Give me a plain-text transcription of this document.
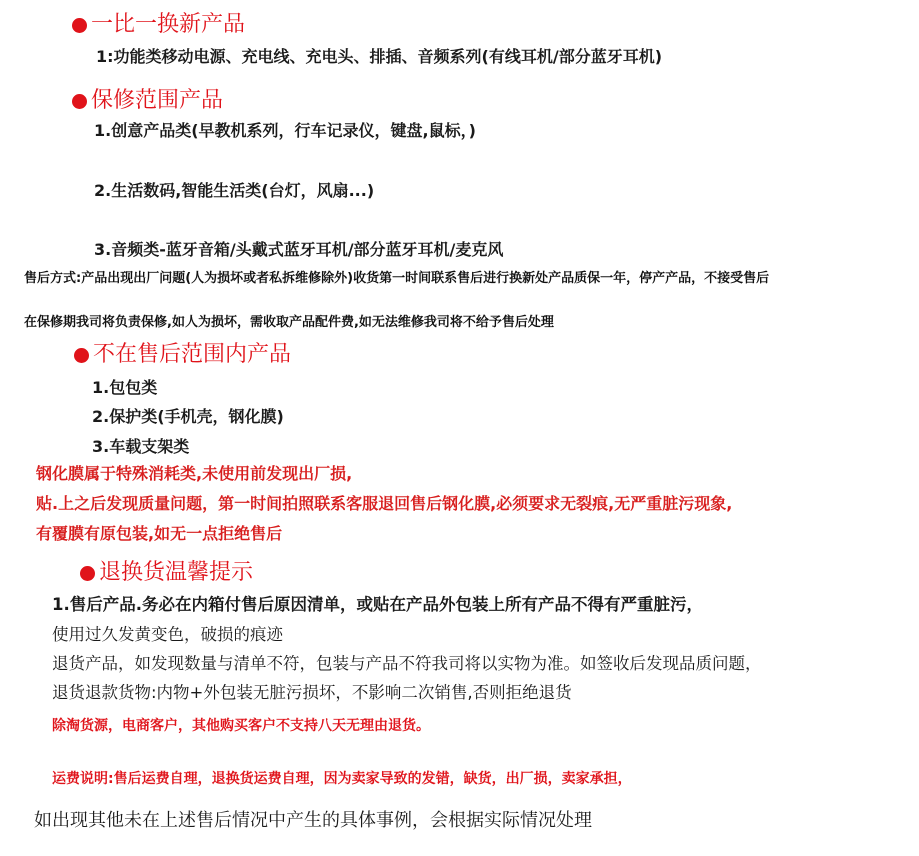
一比一换新产品
1:功能类移动电源、充电线、充电头、排插、音频系列(有线耳机/部分蓝牙耳机)
保修范围产品
1.创意产品类(早教机系列，行车记录仪，键盘,鼠标，)
2.生活数码,智能生活类(台灯，风扇...)
3.音频类-蓝牙音箱/头戴式蓝牙耳机/部分蓝牙耳机/麦克风
售后方式:产品出现出厂问题(人为损坏或者私拆维修除外)收货第一时间联系售后进行换新处产品质保一年，停产产品，不接受售后
在保修期我司将负责保修,如人为损坏，需收取产品配件费,如无法维修我司将不给予售后处理
不在售后范围内产品
1.包包类
2.保护类(手机壳，钢化膜)
3.车载支架类
钢化膜属于特殊消耗类,未使用前发现出厂损,
贴.上之后发现质量问题，第一时间拍照联系客服退回售后钢化膜,必须要求无裂痕,无严重脏污现象,
有覆膜有原包装,如无一点拒绝售后
退换货温馨提示
1.售后产品.务必在内箱付售后原因清单，或贴在产品外包装上所有产品不得有严重脏污，
使用过久发黄变色，破损的痕迹
退货产品，如发现数量与清单不符，包装与产品不符我司将以实物为准。如签收后发现品质问题，
退货退款货物:内物+外包装无脏污损坏，不影响二次销售,否则拒绝退货
除淘货源，电商客户，其他购买客户不支持八天无理由退货。
运费说明:售后运费自理，退换货运费自理，因为卖家导致的发错，缺货，出厂损，卖家承担，
如出现其他未在上述售后情况中产生的具体事例，会根据实际情况处理
